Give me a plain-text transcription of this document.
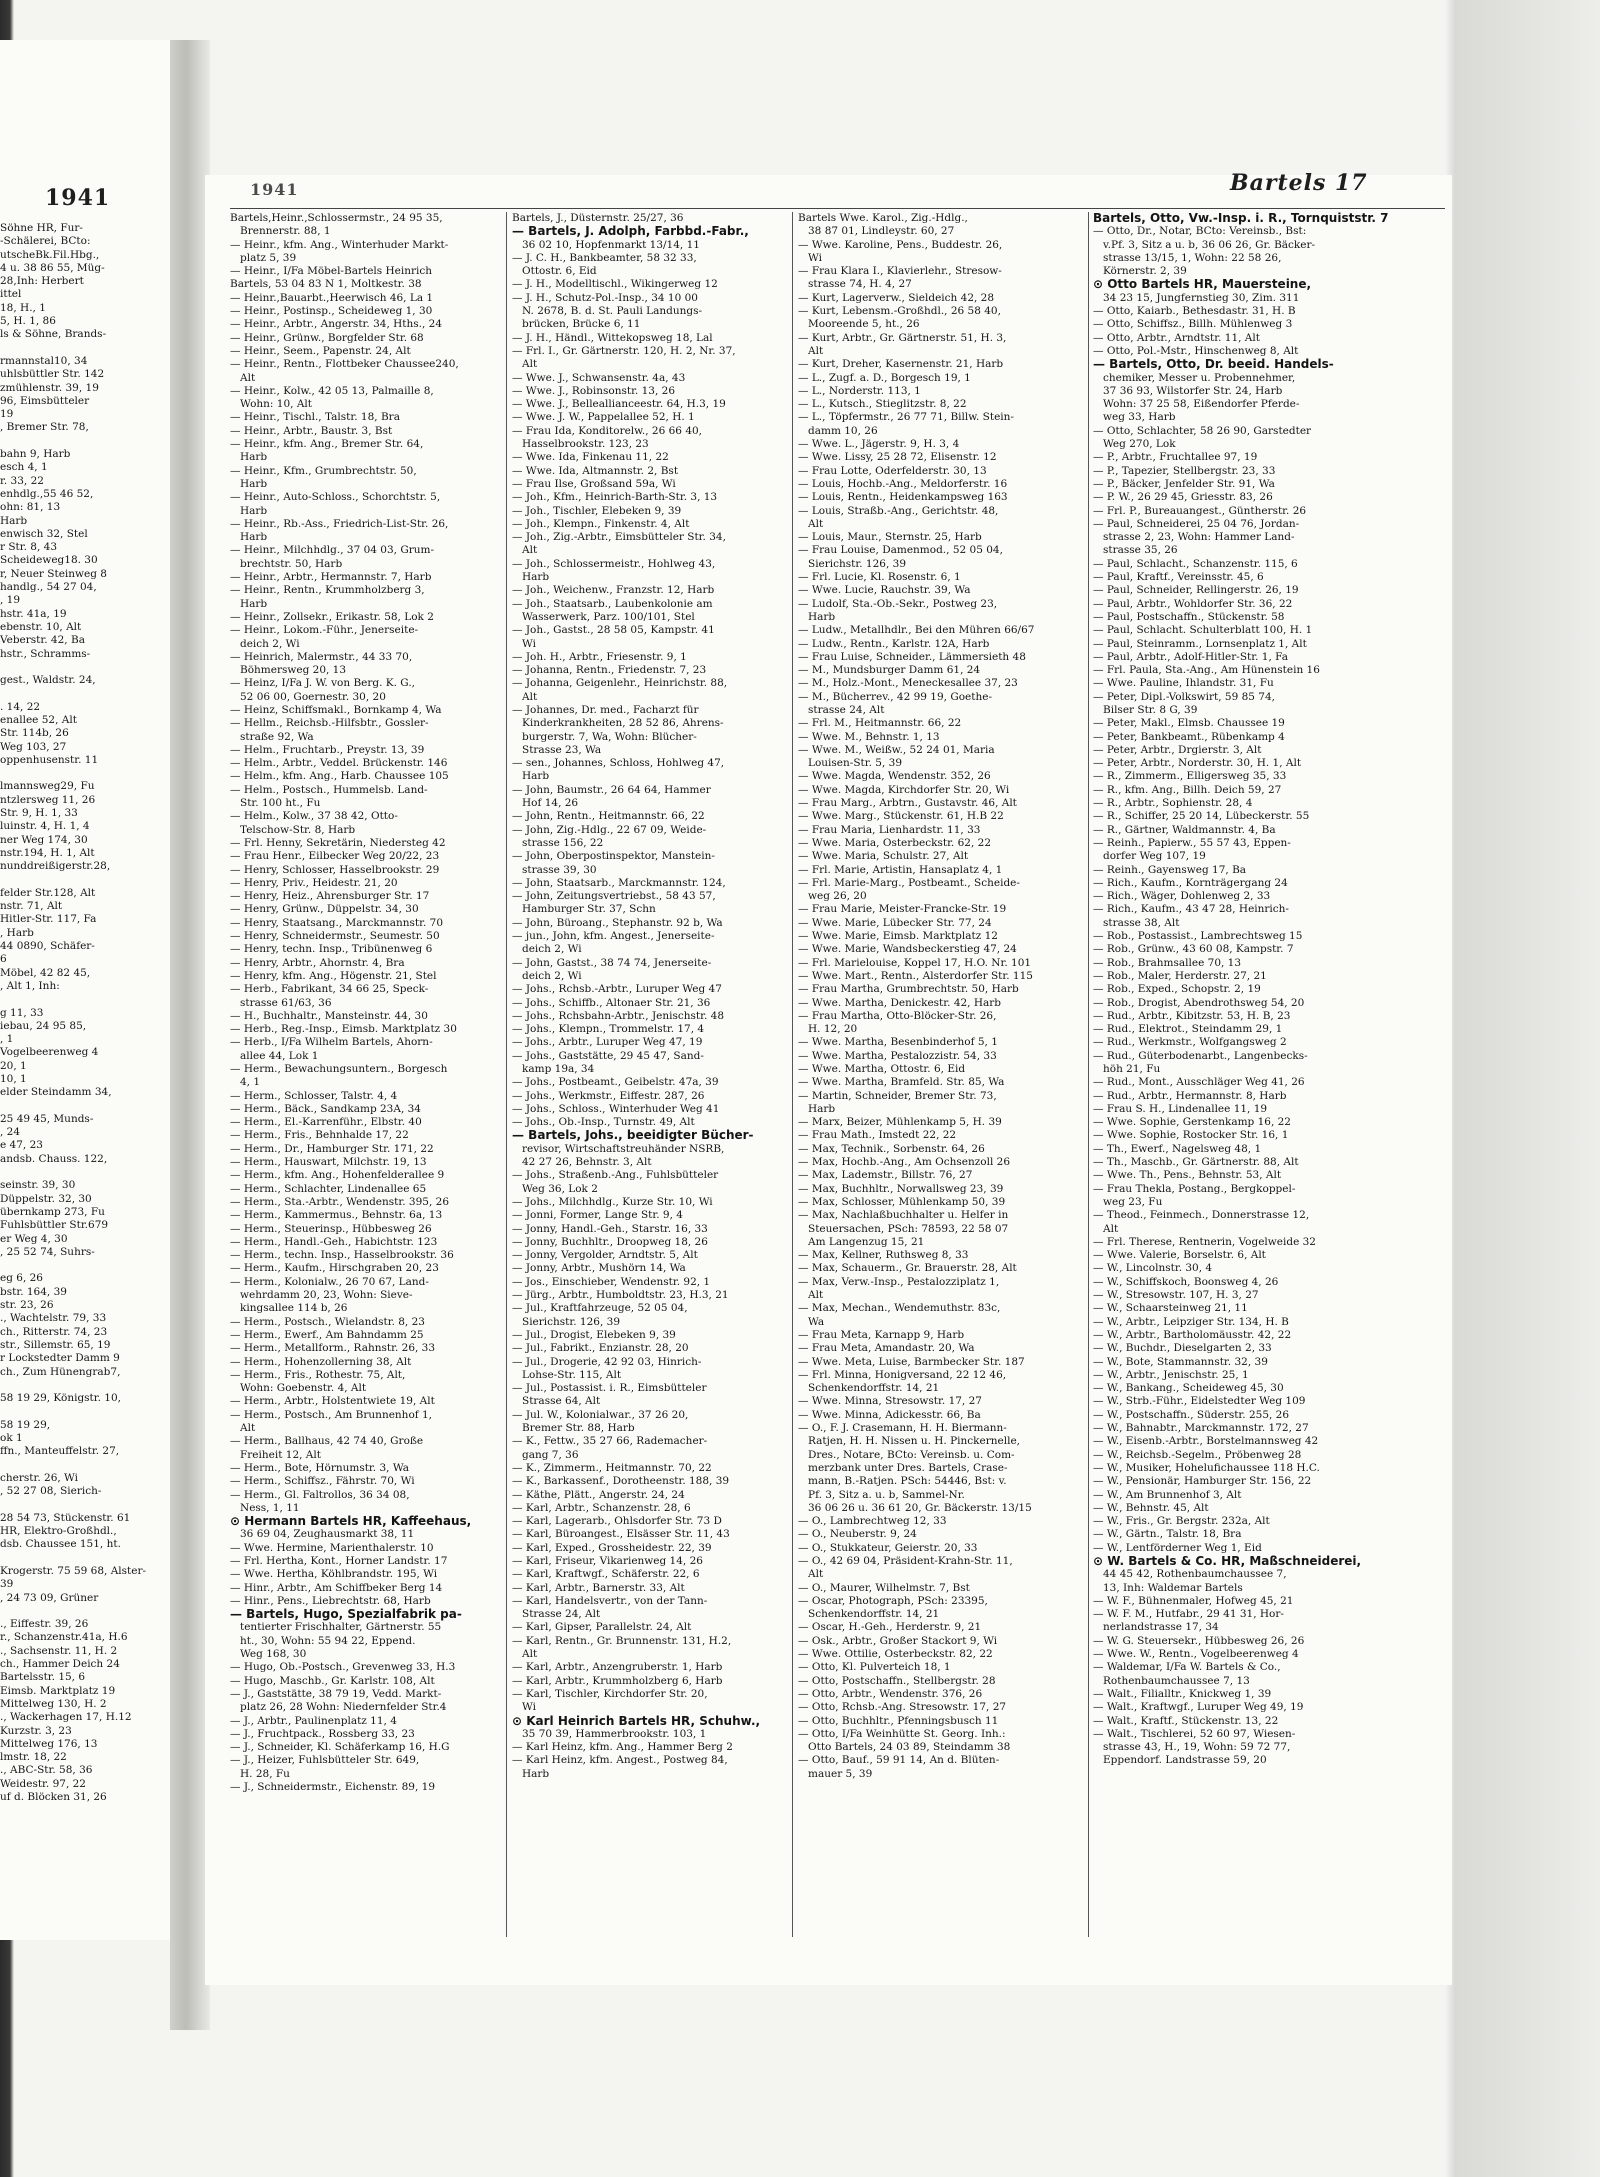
1941	1941	Bartels 17
Söhne HR, Fur-
-Schälerei, BCto:
utscheBk.Fil.Hbg.,
4 u. 38 86 55, Müg-
28,Inh: Herbert
ittel
18, H., 1
5, H. 1, 86
ls & Söhne, Brands-

rmannstal10, 34
uhlsbüttler Str. 142
zmühlenstr. 39, 19
96, Eimsbütteler
19
, Bremer Str. 78,

bahn 9, Harb
esch 4, 1
r. 33, 22
enhdlg.,55 46 52,
ohn: 81, 13
Harb
enwisch 32, Stel
r Str. 8, 43
Scheideweg18. 30
r, Neuer Steinweg 8
handlg., 54 27 04,
, 19
hstr. 41a, 19
ebenstr. 10, Alt
Veberstr. 42, Ba
hstr., Schramms-

gest., Waldstr. 24,

. 14, 22
enallee 52, Alt
Str. 114b, 26
Weg 103, 27
oppenhusenstr. 11

lmannsweg29, Fu
ntzlersweg 11, 26
Str. 9, H. 1, 33
luinstr. 4, H. 1, 4
ner Weg 174, 30
nstr.194, H. 1, Alt
nunddreißigerstr.28,

felder Str.128, Alt
nstr. 71, Alt
Hitler-Str. 117, Fa
, Harb
44 0890, Schäfer-
6
Möbel, 42 82 45,
, Alt 1, Inh:

g 11, 33
iebau, 24 95 85,
, 1
Vogelbeerenweg 4
20, 1
10, 1
elder Steindamm 34,

25 49 45, Munds-
, 24
e 47, 23
andsb. Chauss. 122,

seinstr. 39, 30
Düppelstr. 32, 30
übernkamp 273, Fu
Fuhlsbüttler Str.679
er Weg 4, 30
, 25 52 74, Suhrs-

eg 6, 26
bstr. 164, 39
str. 23, 26
., Wachtelstr. 79, 33
ch., Ritterstr. 74, 23
str., Sillemstr. 65, 19
r Lockstedter Damm 9
ch., Zum Hünengrab7,

58 19 29, Königstr. 10,

58 19 29,
ok 1
ffn., Manteuffelstr. 27,

cherstr. 26, Wi
, 52 27 08, Sierich-

28 54 73, Stückenstr. 61
HR, Elektro-Großhdl.,
dsb. Chaussee 151, ht.

Krogerstr. 75 59 68, Alster-
39
, 24 73 09, Grüner

., Eiffestr. 39, 26
r., Schanzenstr.41a, H.6
., Sachsenstr. 11, H. 2
ch., Hammer Deich 24
Bartelsstr. 15, 6
Eimsb. Marktplatz 19
Mittelweg 130, H. 2
., Wackerhagen 17, H.12
Kurzstr. 3, 23
Mittelweg 176, 13
lmstr. 18, 22
., ABC-Str. 58, 36
Weidestr. 97, 22
uf d. Blöcken 31, 26
Bartels,Heinr.,Schlossermstr., 24 95 35,
Brennerstr. 88, 1
— Heinr., kfm. Ang., Winterhuder Markt-
platz 5, 39
— Heinr., I/Fa Möbel-Bartels Heinrich
Bartels, 53 04 83 N 1, Moltkestr. 38
— Heinr.,Bauarbt.,Heerwisch 46, La 1
— Heinr., Postinsp., Scheideweg 1, 30
— Heinr., Arbtr., Angerstr. 34, Hths., 24
— Heinr., Grünw., Borgfelder Str. 68
— Heinr., Seem., Papenstr. 24, Alt
— Heinr., Rentn., Flottbeker Chaussee240,
Alt
— Heinr., Kolw., 42 05 13, Palmaille 8,
Wohn: 10, Alt
— Heinr., Tischl., Talstr. 18, Bra
— Heinr., Arbtr., Baustr. 3, Bst
— Heinr., kfm. Ang., Bremer Str. 64,
Harb
— Heinr., Kfm., Grumbrechtstr. 50,
Harb
— Heinr., Auto-Schloss., Schorchtstr. 5,
Harb
— Heinr., Rb.-Ass., Friedrich-List-Str. 26,
Harb
— Heinr., Milchhdlg., 37 04 03, Grum-
brechtstr. 50, Harb
— Heinr., Arbtr., Hermannstr. 7, Harb
— Heinr., Rentn., Krummholzberg 3,
Harb
— Heinr., Zollsekr., Erikastr. 58, Lok 2
— Heinr., Lokom.-Führ., Jenerseite-
deich 2, Wi
— Heinrich, Malermstr., 44 33 70,
Böhmersweg 20, 13
— Heinz, I/Fa J. W. von Berg. K. G.,
52 06 00, Goernestr. 30, 20
— Heinz, Schiffsmakl., Bornkamp 4, Wa
— Hellm., Reichsb.-Hilfsbtr., Gossler-
straße 92, Wa
— Helm., Fruchtarb., Preystr. 13, 39
— Helm., Arbtr., Veddel. Brückenstr. 146
— Helm., kfm. Ang., Harb. Chaussee 105
— Helm., Postsch., Hummelsb. Land-
Str. 100 ht., Fu
— Helm., Kolw., 37 38 42, Otto-
Telschow-Str. 8, Harb
— Frl. Henny, Sekretärin, Niedersteg 42
— Frau Henr., Eilbecker Weg 20/22, 23
— Henry, Schlosser, Hasselbrookstr. 29
— Henry, Priv., Heidestr. 21, 20
— Henry, Heiz., Ahrensburger Str. 17
— Henry, Grünw., Düppelstr. 34, 30
— Henry, Staatsang., Marckmannstr. 70
— Henry, Schneidermstr., Seumestr. 50
— Henry, techn. Insp., Tribünenweg 6
— Henry, Arbtr., Ahornstr. 4, Bra
— Henry, kfm. Ang., Högenstr. 21, Stel
— Herb., Fabrikant, 34 66 25, Speck-
strasse 61/63, 36
— H., Buchhaltr., Mansteinstr. 44, 30
— Herb., Reg.-Insp., Eimsb. Marktplatz 30
— Herb., I/Fa Wilhelm Bartels, Ahorn-
allee 44, Lok 1
— Herm., Bewachungsuntern., Borgesch
4, 1
— Herm., Schlosser, Talstr. 4, 4
— Herm., Bäck., Sandkamp 23A, 34
— Herm., El.-Karrenführ., Elbstr. 40
— Herm., Fris., Behnhalde 17, 22
— Herm., Dr., Hamburger Str. 171, 22
— Herm., Hauswart, Milchstr. 19, 13
— Herm., kfm. Ang., Hohenfelderallee 9
— Herm., Schlachter, Lindenallee 65
— Herm., Sta.-Arbtr., Wendenstr. 395, 26
— Herm., Kammermus., Behnstr. 6a, 13
— Herm., Steuerinsp., Hübbesweg 26
— Herm., Handl.-Geh., Habichtstr. 123
— Herm., techn. Insp., Hasselbrookstr. 36
— Herm., Kaufm., Hirschgraben 20, 23
— Herm., Kolonialw., 26 70 67, Land-
wehrdamm 20, 23, Wohn: Sieve-
kingsallee 114 b, 26
— Herm., Postsch., Wielandstr. 8, 23
— Herm., Ewerf., Am Bahndamm 25
— Herm., Metallform., Rahnstr. 26, 33
— Herm., Hohenzollerning 38, Alt
— Herm., Fris., Rothestr. 75, Alt,
Wohn: Goebenstr. 4, Alt
— Herm., Arbtr., Holstentwiete 19, Alt
— Herm., Postsch., Am Brunnenhof 1,
Alt
— Herm., Ballhaus, 42 74 40, Große
Freiheit 12, Alt
— Herm., Bote, Hörnumstr. 3, Wa
— Herm., Schiffsz., Fährstr. 70, Wi
— Herm., Gl. Faltrollos, 36 34 08,
Ness, 1, 11
⊙ Hermann Bartels HR, Kaffeehaus,
36 69 04, Zeughausmarkt 38, 11
— Wwe. Hermine, Marienthalerstr. 10
— Frl. Hertha, Kont., Horner Landstr. 17
— Wwe. Hertha, Köhlbrandstr. 195, Wi
— Hinr., Arbtr., Am Schiffbeker Berg 14
— Hinr., Pens., Liebrechtstr. 68, Harb
— Bartels, Hugo, Spezialfabrik pa-
tentierter Frischhalter, Gärtnerstr. 55
ht., 30, Wohn: 55 94 22, Eppend.
Weg 168, 30
— Hugo, Ob.-Postsch., Grevenweg 33, H.3
— Hugo, Maschb., Gr. Karlstr. 108, Alt
— J., Gaststätte, 38 79 19, Vedd. Markt-
platz 26, 28 Wohn: Niedernfelder Str.4
— J., Arbtr., Paulinenplatz 11, 4
— J., Fruchtpack., Rossberg 33, 23
— J., Schneider, Kl. Schäferkamp 16, H.G
— J., Heizer, Fuhlsbütteler Str. 649,
H. 28, Fu
— J., Schneidermstr., Eichenstr. 89, 19
Bartels, J., Düsternstr. 25/27, 36
— Bartels, J. Adolph, Farbbd.-Fabr.,
36 02 10, Hopfenmarkt 13/14, 11
— J. C. H., Bankbeamter, 58 32 33,
Ottostr. 6, Eid
— J. H., Modelltischl., Wikingerweg 12
— J. H., Schutz-Pol.-Insp., 34 10 00
N. 2678, B. d. St. Pauli Landungs-
brücken, Brücke 6, 11
— J. H., Händl., Wittekopsweg 18, Lal
— Frl. I., Gr. Gärtnerstr. 120, H. 2, Nr. 37,
Alt
— Wwe. J., Schwansenstr. 4a, 43
— Wwe. J., Robinsonstr. 13, 26
— Wwe. J., Belleallianceestr. 64, H.3, 19
— Wwe. J. W., Pappelallee 52, H. 1
— Frau Ida, Konditorelw., 26 66 40,
Hasselbrookstr. 123, 23
— Wwe. Ida, Finkenau 11, 22
— Wwe. Ida, Altmannstr. 2, Bst
— Frau Ilse, Großsand 59a, Wi
— Joh., Kfm., Heinrich-Barth-Str. 3, 13
— Joh., Tischler, Elebeken 9, 39
— Joh., Klempn., Finkenstr. 4, Alt
— Joh., Zig.-Arbtr., Eimsbütteler Str. 34,
Alt
— Joh., Schlossermeistr., Hohlweg 43,
Harb
— Joh., Weichenw., Franzstr. 12, Harb
— Joh., Staatsarb., Laubenkolonie am
Wasserwerk, Parz. 100/101, Stel
— Joh., Gastst., 28 58 05, Kampstr. 41
Wi
— Joh. H., Arbtr., Friesenstr. 9, 1
— Johanna, Rentn., Friedenstr. 7, 23
— Johanna, Geigenlehr., Heinrichstr. 88,
Alt
— Johannes, Dr. med., Facharzt für
Kinderkrankheiten, 28 52 86, Ahrens-
burgerstr. 7, Wa, Wohn: Blücher-
Strasse 23, Wa
— sen., Johannes, Schloss, Hohlweg 47,
Harb
— John, Baumstr., 26 64 64, Hammer
Hof 14, 26
— John, Rentn., Heitmannstr. 66, 22
— John, Zig.-Hdlg., 22 67 09, Weide-
strasse 156, 22
— John, Oberpostinspektor, Manstein-
strasse 39, 30
— John, Staatsarb., Marckmannstr. 124,
— John, Zeitungsvertriebst., 58 43 57,
Hamburger Str. 37, Schn
— John, Büroang., Stephanstr. 92 b, Wa
— jun., John, kfm. Angest., Jenerseite-
deich 2, Wi
— John, Gastst., 38 74 74, Jenerseite-
deich 2, Wi
— Johs., Rchsb.-Arbtr., Luruper Weg 47
— Johs., Schiffb., Altonaer Str. 21, 36
— Johs., Rchsbahn-Arbtr., Jenischstr. 48
— Johs., Klempn., Trommelstr. 17, 4
— Johs., Arbtr., Luruper Weg 47, 19
— Johs., Gaststätte, 29 45 47, Sand-
kamp 19a, 34
— Johs., Postbeamt., Geibelstr. 47a, 39
— Johs., Werkmstr., Eiffestr. 287, 26
— Johs., Schloss., Winterhuder Weg 41
— Johs., Ob.-Insp., Turnstr. 49, Alt
— Bartels, Johs., beeidigter Bücher-
revisor, Wirtschaftstreuhänder NSRB,
42 27 26, Behnstr. 3, Alt
— Johs., Straßenb.-Ang., Fuhlsbütteler
Weg 36, Lok 2
— Johs., Milchhdlg., Kurze Str. 10, Wi
— Jonni, Former, Lange Str. 9, 4
— Jonny, Handl.-Geh., Starstr. 16, 33
— Jonny, Buchhltr., Droopweg 18, 26
— Jonny, Vergolder, Arndtstr. 5, Alt
— Jonny, Arbtr., Mushörn 14, Wa
— Jos., Einschieber, Wendenstr. 92, 1
— Jürg., Arbtr., Humboldtstr. 23, H.3, 21
— Jul., Kraftfahrzeuge, 52 05 04,
Sierichstr. 126, 39
— Jul., Drogist, Elebeken 9, 39
— Jul., Fabrikt., Enzianstr. 28, 20
— Jul., Drogerie, 42 92 03, Hinrich-
Lohse-Str. 115, Alt
— Jul., Postassist. i. R., Eimsbütteler
Strasse 64, Alt
— Jul. W., Kolonialwar., 37 26 20,
Bremer Str. 88, Harb
— K., Fettw., 35 27 66, Rademacher-
gang 7, 36
— K., Zimmerm., Heitmannstr. 70, 22
— K., Barkassenf., Dorotheenstr. 188, 39
— Käthe, Plätt., Angerstr. 24, 24
— Karl, Arbtr., Schanzenstr. 28, 6
— Karl, Lagerarb., Ohlsdorfer Str. 73 D
— Karl, Büroangest., Elsässer Str. 11, 43
— Karl, Exped., Grossheidestr. 22, 39
— Karl, Friseur, Vikarienweg 14, 26
— Karl, Kraftwgf., Schäferstr. 22, 6
— Karl, Arbtr., Barnerstr. 33, Alt
— Karl, Handelsvertr., von der Tann-
Strasse 24, Alt
— Karl, Gipser, Parallelstr. 24, Alt
— Karl, Rentn., Gr. Brunnenstr. 131, H.2,
Alt
— Karl, Arbtr., Anzengruberstr. 1, Harb
— Karl, Arbtr., Krummholzberg 6, Harb
— Karl, Tischler, Kirchdorfer Str. 20,
Wi
⊙ Karl Heinrich Bartels HR, Schuhw.,
35 70 39, Hammerbrookstr. 103, 1
— Karl Heinz, kfm. Ang., Hammer Berg 2
— Karl Heinz, kfm. Angest., Postweg 84,
Harb
Bartels Wwe. Karol., Zig.-Hdlg.,
38 87 01, Lindleystr. 60, 27
— Wwe. Karoline, Pens., Buddestr. 26,
Wi
— Frau Klara I., Klavierlehr., Stresow-
strasse 74, H. 4, 27
— Kurt, Lagerverw., Sieldeich 42, 28
— Kurt, Lebensm.-Großhdl., 26 58 40,
Mooreende 5, ht., 26
— Kurt, Arbtr., Gr. Gärtnerstr. 51, H. 3,
Alt
— Kurt, Dreher, Kasernenstr. 21, Harb
— L., Zugf. a. D., Borgesch 19, 1
— L., Norderstr. 113, 1
— L., Kutsch., Stieglitzstr. 8, 22
— L., Töpfermstr., 26 77 71, Billw. Stein-
damm 10, 26
— Wwe. L., Jägerstr. 9, H. 3, 4
— Wwe. Lissy, 25 28 72, Elisenstr. 12
— Frau Lotte, Oderfelderstr. 30, 13
— Louis, Hochb.-Ang., Meldorferstr. 16
— Louis, Rentn., Heidenkampsweg 163
— Louis, Straßb.-Ang., Gerichtstr. 48,
Alt
— Louis, Maur., Sternstr. 25, Harb
— Frau Louise, Damenmod., 52 05 04,
Sierichstr. 126, 39
— Frl. Lucie, Kl. Rosenstr. 6, 1
— Wwe. Lucie, Rauchstr. 39, Wa
— Ludolf, Sta.-Ob.-Sekr., Postweg 23,
Harb
— Ludw., Metallhdlr., Bei den Mühren 66/67
— Ludw., Rentn., Karlstr. 12A, Harb
— Frau Luise, Schneider., Lämmersieth 48
— M., Mundsburger Damm 61, 24
— M., Holz.-Mont., Meneckesallee 37, 23
— M., Bücherrev., 42 99 19, Goethe-
strasse 24, Alt
— Frl. M., Heitmannstr. 66, 22
— Wwe. M., Behnstr. 1, 13
— Wwe. M., Weißw., 52 24 01, Maria
Louisen-Str. 5, 39
— Wwe. Magda, Wendenstr. 352, 26
— Wwe. Magda, Kirchdorfer Str. 20, Wi
— Frau Marg., Arbtrn., Gustavstr. 46, Alt
— Wwe. Marg., Stückenstr. 61, H.B 22
— Frau Maria, Lienhardstr. 11, 33
— Wwe. Maria, Osterbeckstr. 62, 22
— Wwe. Maria, Schulstr. 27, Alt
— Frl. Marie, Artistin, Hansaplatz 4, 1
— Frl. Marie-Marg., Postbeamt., Scheide-
weg 26, 20
— Frau Marie, Meister-Francke-Str. 19
— Wwe. Marie, Lübecker Str. 77, 24
— Wwe. Marie, Eimsb. Marktplatz 12
— Wwe. Marie, Wandsbeckerstieg 47, 24
— Frl. Marielouise, Koppel 17, H.O. Nr. 101
— Wwe. Mart., Rentn., Alsterdorfer Str. 115
— Frau Martha, Grumbrechtstr. 50, Harb
— Wwe. Martha, Denickestr. 42, Harb
— Frau Martha, Otto-Blöcker-Str. 26,
H. 12, 20
— Wwe. Martha, Besenbinderhof 5, 1
— Wwe. Martha, Pestalozzistr. 54, 33
— Wwe. Martha, Ottostr. 6, Eid
— Wwe. Martha, Bramfeld. Str. 85, Wa
— Martin, Schneider, Bremer Str. 73,
Harb
— Marx, Beizer, Mühlenkamp 5, H. 39
— Frau Math., Imstedt 22, 22
— Max, Technik., Sorbenstr. 64, 26
— Max, Hochb.-Ang., Am Ochsenzoll 26
— Max, Lademstr., Billstr. 76, 27
— Max, Buchhltr., Norwallsweg 23, 39
— Max, Schlosser, Mühlenkamp 50, 39
— Max, Nachlaßbuchhalter u. Helfer in
Steuersachen, PSch: 78593, 22 58 07
Am Langenzug 15, 21
— Max, Kellner, Ruthsweg 8, 33
— Max, Schauerm., Gr. Brauerstr. 28, Alt
— Max, Verw.-Insp., Pestalozziplatz 1,
Alt
— Max, Mechan., Wendemuthstr. 83c,
Wa
— Frau Meta, Karnapp 9, Harb
— Frau Meta, Amandastr. 20, Wa
— Wwe. Meta, Luise, Barmbecker Str. 187
— Frl. Minna, Honigversand, 22 12 46,
Schenkendorffstr. 14, 21
— Wwe. Minna, Stresowstr. 17, 27
— Wwe. Minna, Adickesstr. 66, Ba
— O., F. J. Crasemann, H. H. Biermann-
Ratjen, H. H. Nissen u. H. Pinckernelle,
Dres., Notare, BCto: Vereinsb. u. Com-
merzbank unter Dres. Bartels, Crase-
mann, B.-Ratjen. PSch: 54446, Bst: v.
Pf. 3, Sitz a. u. b, Sammel-Nr.
36 06 26 u. 36 61 20, Gr. Bäckerstr. 13/15
— O., Lambrechtweg 12, 33
— O., Neuberstr. 9, 24
— O., Stukkateur, Geierstr. 20, 33
— O., 42 69 04, Präsident-Krahn-Str. 11,
Alt
— O., Maurer, Wilhelmstr. 7, Bst
— Oscar, Photograph, PSch: 23395,
Schenkendorffstr. 14, 21
— Oscar, H.-Geh., Herderstr. 9, 21
— Osk., Arbtr., Großer Stackort 9, Wi
— Wwe. Ottilie, Osterbeckstr. 82, 22
— Otto, Kl. Pulverteich 18, 1
— Otto, Postschaffn., Stellbergstr. 28
— Otto, Arbtr., Wendenstr. 376, 26
— Otto, Rchsb.-Ang. Stresowstr. 17, 27
— Otto, Buchhltr., Pfenningsbusch 11
— Otto, I/Fa Weinhütte St. Georg. Inh.:
Otto Bartels, 24 03 89, Steindamm 38
— Otto, Bauf., 59 91 14, An d. Blüten-
mauer 5, 39
Bartels, Otto, Vw.-Insp. i. R., Tornquiststr. 7
— Otto, Dr., Notar, BCto: Vereinsb., Bst:
v.Pf. 3, Sitz a u. b, 36 06 26, Gr. Bäcker-
strasse 13/15, 1, Wohn: 22 58 26,
Körnerstr. 2, 39
⊙ Otto Bartels HR, Mauersteine,
34 23 15, Jungfernstieg 30, Zim. 311
— Otto, Kaiarb., Bethesdastr. 31, H. B
— Otto, Schiffsz., Billh. Mühlenweg 3
— Otto, Arbtr., Arndtstr. 11, Alt
— Otto, Pol.-Mstr., Hinschenweg 8, Alt
— Bartels, Otto, Dr. beeid. Handels-
chemiker, Messer u. Probennehmer,
37 36 93, Wilstorfer Str. 24, Harb
Wohn: 37 25 58, Eißendorfer Pferde-
weg 33, Harb
— Otto, Schlachter, 58 26 90, Garstedter
Weg 270, Lok
— P., Arbtr., Fruchtallee 97, 19
— P., Tapezier, Stellbergstr. 23, 33
— P., Bäcker, Jenfelder Str. 91, Wa
— P. W., 26 29 45, Griesstr. 83, 26
— Frl. P., Bureauangest., Güntherstr. 26
— Paul, Schneiderei, 25 04 76, Jordan-
strasse 2, 23, Wohn: Hammer Land-
strasse 35, 26
— Paul, Schlacht., Schanzenstr. 115, 6
— Paul, Kraftf., Vereinsstr. 45, 6
— Paul, Schneider, Rellingerstr. 26, 19
— Paul, Arbtr., Wohldorfer Str. 36, 22
— Paul, Postschaffn., Stückenstr. 58
— Paul, Schlacht. Schulterblatt 100, H. 1
— Paul, Steinramm., Lornsenplatz 1, Alt
— Paul, Arbtr., Adolf-Hitler-Str. 1, Fa
— Frl. Paula, Sta.-Ang., Am Hünenstein 16
— Wwe. Pauline, Ihlandstr. 31, Fu
— Peter, Dipl.-Volkswirt, 59 85 74,
Bilser Str. 8 G, 39
— Peter, Makl., Elmsb. Chaussee 19
— Peter, Bankbeamt., Rübenkamp 4
— Peter, Arbtr., Drgierstr. 3, Alt
— Peter, Arbtr., Norderstr. 30, H. 1, Alt
— R., Zimmerm., Elligersweg 35, 33
— R., kfm. Ang., Billh. Deich 59, 27
— R., Arbtr., Sophienstr. 28, 4
— R., Schiffer, 25 20 14, Lübeckerstr. 55
— R., Gärtner, Waldmannstr. 4, Ba
— Reinh., Papierw., 55 57 43, Eppen-
dorfer Weg 107, 19
— Reinh., Gayensweg 17, Ba
— Rich., Kaufm., Kornträgergang 24
— Rich., Wäger, Dohlenweg 2, 33
— Rich., Kaufm., 43 47 28, Heinrich-
strasse 38, Alt
— Rob., Postassist., Lambrechtsweg 15
— Rob., Grünw., 43 60 08, Kampstr. 7
— Rob., Brahmsallee 70, 13
— Rob., Maler, Herderstr. 27, 21
— Rob., Exped., Schopstr. 2, 19
— Rob., Drogist, Abendrothsweg 54, 20
— Rud., Arbtr., Kibitzstr. 53, H. B, 23
— Rud., Elektrot., Steindamm 29, 1
— Rud., Werkmstr., Wolfgangsweg 2
— Rud., Güterbodenarbt., Langenbecks-
höh 21, Fu
— Rud., Mont., Ausschläger Weg 41, 26
— Rud., Arbtr., Hermannstr. 8, Harb
— Frau S. H., Lindenallee 11, 19
— Wwe. Sophie, Gerstenkamp 16, 22
— Wwe. Sophie, Rostocker Str. 16, 1
— Th., Ewerf., Nagelsweg 48, 1
— Th., Maschb., Gr. Gärtnerstr. 88, Alt
— Wwe. Th., Pens., Behnstr. 53, Alt
— Frau Thekla, Postang., Bergkoppel-
weg 23, Fu
— Theod., Feinmech., Donnerstrasse 12,
Alt
— Frl. Therese, Rentnerin, Vogelweide 32
— Wwe. Valerie, Borselstr. 6, Alt
— W., Lincolnstr. 30, 4
— W., Schiffskoch, Boonsweg 4, 26
— W., Stresowstr. 107, H. 3, 27
— W., Schaarsteinweg 21, 11
— W., Arbtr., Leipziger Str. 134, H. B
— W., Arbtr., Bartholomäusstr. 42, 22
— W., Buchdr., Dieselgarten 2, 33
— W., Bote, Stammannstr. 32, 39
— W., Arbtr., Jenischstr. 25, 1
— W., Bankang., Scheideweg 45, 30
— W., Strb.-Führ., Eidelstedter Weg 109
— W., Postschaffn., Süderstr. 255, 26
— W., Bahnabtr., Marckmannstr. 172, 27
— W., Eisenb.-Arbtr., Borstelmannsweg 42
— W., Reichsb.-Segelm., Pröbenweg 28
— W., Musiker, Hohelufichaussee 118 H.C.
— W., Pensionär, Hamburger Str. 156, 22
— W., Am Brunnenhof 3, Alt
— W., Behnstr. 45, Alt
— W., Fris., Gr. Bergstr. 232a, Alt
— W., Gärtn., Talstr. 18, Bra
— W., Lentförderner Weg 1, Eid
⊙ W. Bartels & Co. HR, Maßschneiderei,
44 45 42, Rothenbaumchaussee 7,
13, Inh: Waldemar Bartels
— W. F., Bühnenmaler, Hofweg 45, 21
— W. F. M., Hutfabr., 29 41 31, Hor-
nerlandstrasse 17, 34
— W. G. Steuersekr., Hübbesweg 26, 26
— Wwe. W., Rentn., Vogelbeerenweg 4
— Waldemar, I/Fa W. Bartels & Co.,
Rothenbaumchaussee 7, 13
— Walt., Filialltr., Knickweg 1, 39
— Walt., Kraftwgf., Luruper Weg 49, 19
— Walt., Kraftf., Stückenstr. 13, 22
— Walt., Tischlerei, 52 60 97, Wiesen-
strasse 43, H., 19, Wohn: 59 72 77,
Eppendorf. Landstrasse 59, 20
